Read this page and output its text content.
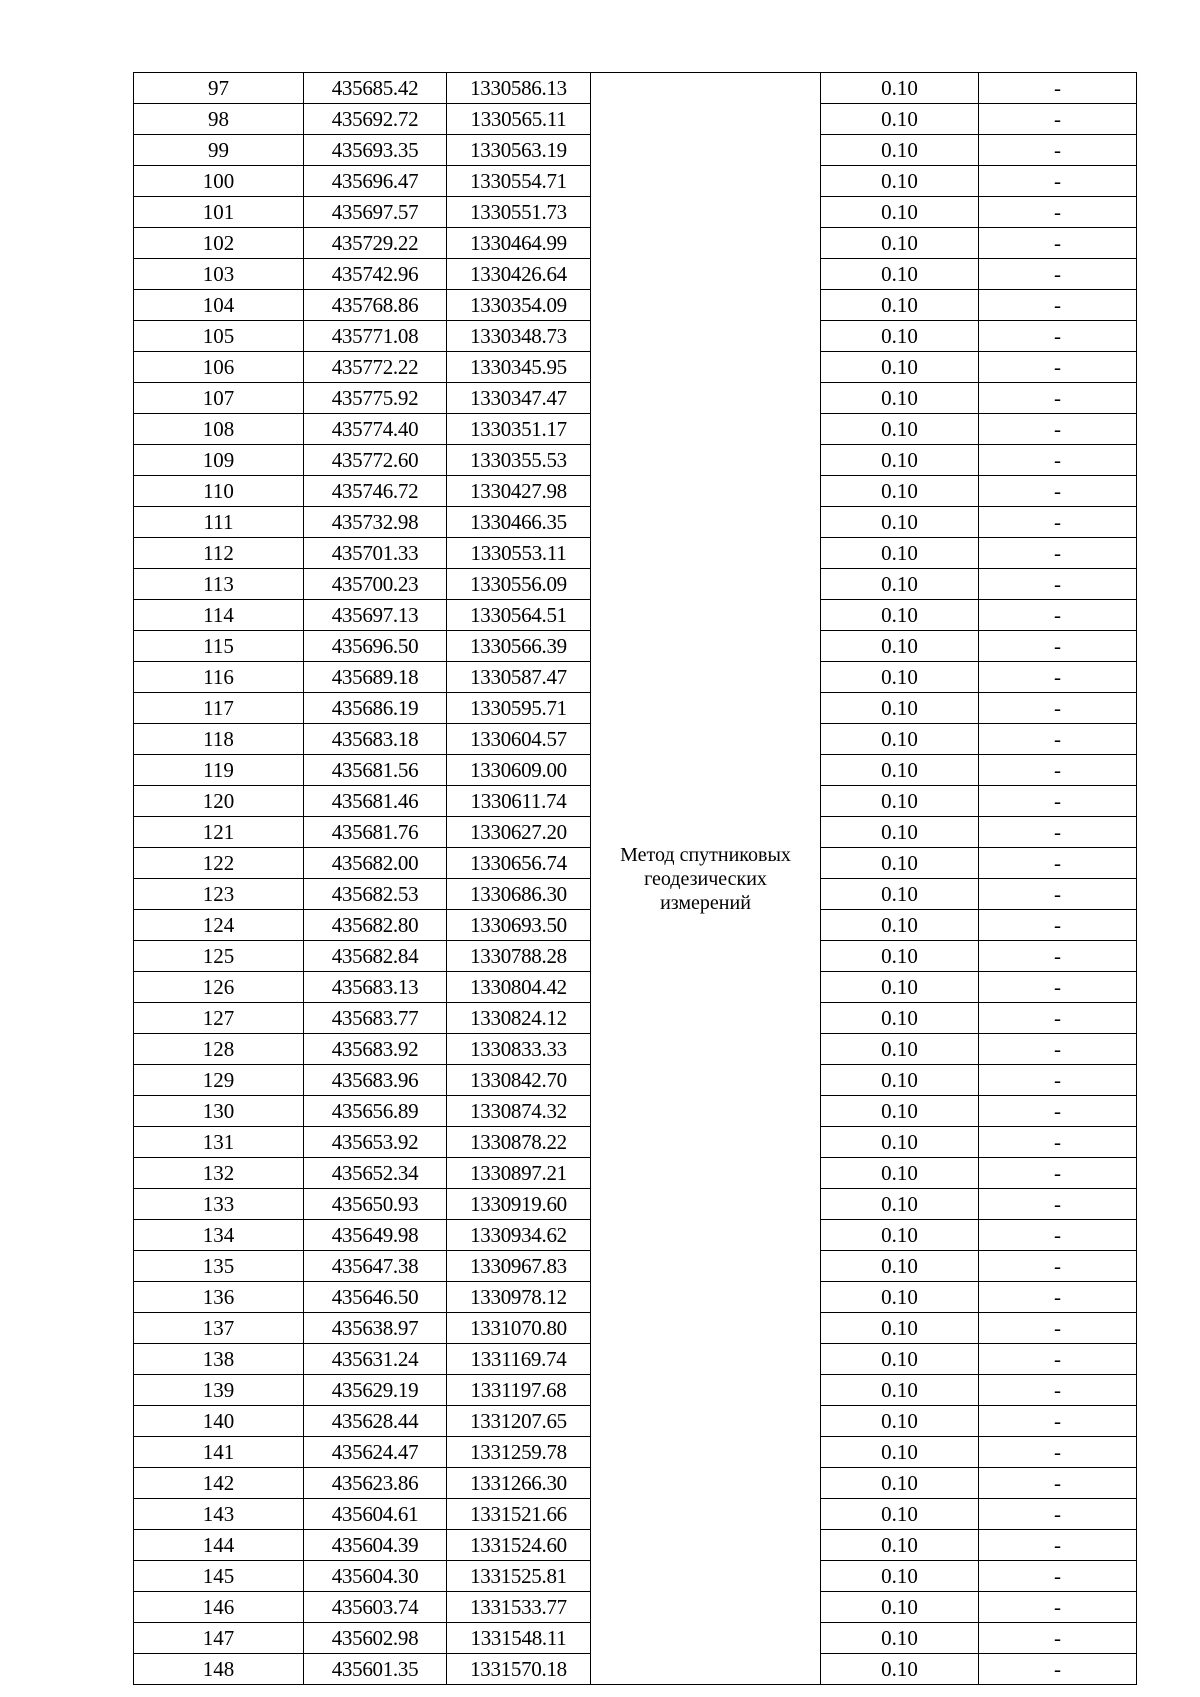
97	435685.42	1330586.13	Метод спутниковых геодезических измерений	0.10	-
98	435692.72	1330565.11		0.10	-
99	435693.35	1330563.19		0.10	-
100	435696.47	1330554.71		0.10	-
101	435697.57	1330551.73		0.10	-
102	435729.22	1330464.99		0.10	-
103	435742.96	1330426.64		0.10	-
104	435768.86	1330354.09		0.10	-
105	435771.08	1330348.73		0.10	-
106	435772.22	1330345.95		0.10	-
107	435775.92	1330347.47		0.10	-
108	435774.40	1330351.17		0.10	-
109	435772.60	1330355.53		0.10	-
110	435746.72	1330427.98		0.10	-
111	435732.98	1330466.35		0.10	-
112	435701.33	1330553.11		0.10	-
113	435700.23	1330556.09		0.10	-
114	435697.13	1330564.51		0.10	-
115	435696.50	1330566.39		0.10	-
116	435689.18	1330587.47		0.10	-
117	435686.19	1330595.71		0.10	-
118	435683.18	1330604.57		0.10	-
119	435681.56	1330609.00		0.10	-
120	435681.46	1330611.74		0.10	-
121	435681.76	1330627.20		0.10	-
122	435682.00	1330656.74		0.10	-
123	435682.53	1330686.30		0.10	-
124	435682.80	1330693.50		0.10	-
125	435682.84	1330788.28		0.10	-
126	435683.13	1330804.42		0.10	-
127	435683.77	1330824.12		0.10	-
128	435683.92	1330833.33		0.10	-
129	435683.96	1330842.70		0.10	-
130	435656.89	1330874.32		0.10	-
131	435653.92	1330878.22		0.10	-
132	435652.34	1330897.21		0.10	-
133	435650.93	1330919.60		0.10	-
134	435649.98	1330934.62		0.10	-
135	435647.38	1330967.83		0.10	-
136	435646.50	1330978.12		0.10	-
137	435638.97	1331070.80		0.10	-
138	435631.24	1331169.74		0.10	-
139	435629.19	1331197.68		0.10	-
140	435628.44	1331207.65		0.10	-
141	435624.47	1331259.78		0.10	-
142	435623.86	1331266.30		0.10	-
143	435604.61	1331521.66		0.10	-
144	435604.39	1331524.60		0.10	-
145	435604.30	1331525.81		0.10	-
146	435603.74	1331533.77		0.10	-
147	435602.98	1331548.11		0.10	-
148	435601.35	1331570.18		0.10	-
